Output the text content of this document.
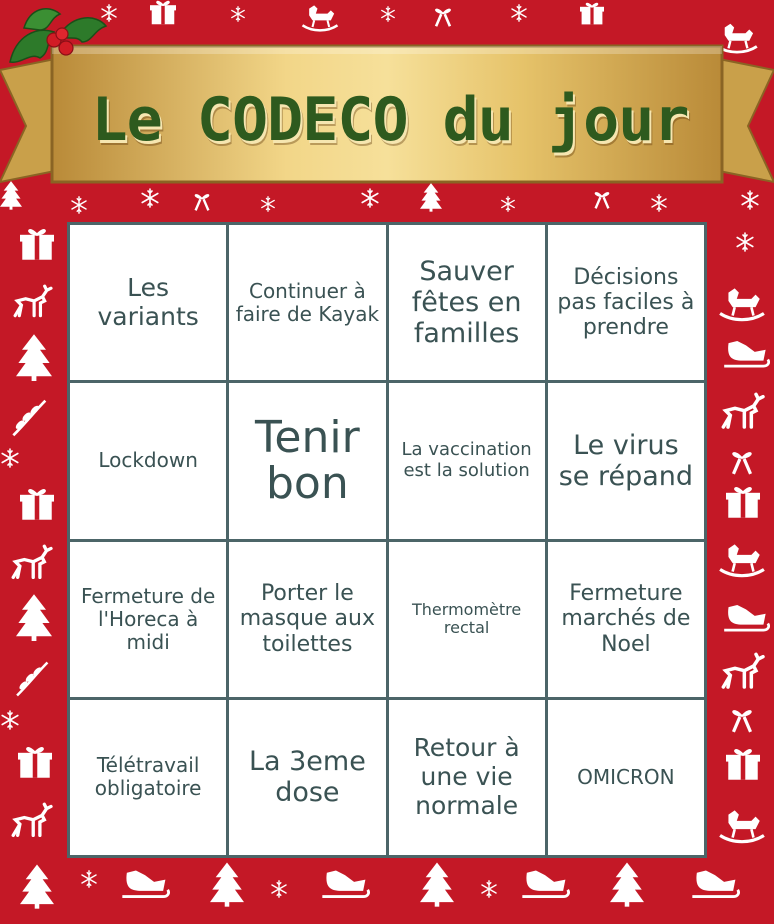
Le CODECO du jour
Les variants
Continuer à faire de Kayak
Sauver fêtes en familles
Décisions pas faciles à prendre
Lockdown	Tenir bon
La vaccination est la solution
Le virus se répand
Fermeture de l'Horeca à midi
Porter le masque aux toilettes
Thermomètre rectal
Fermeture marchés de Noel
Télétravail obligatoire
La 3eme dose
Retour à une vie normale
OMICRON
